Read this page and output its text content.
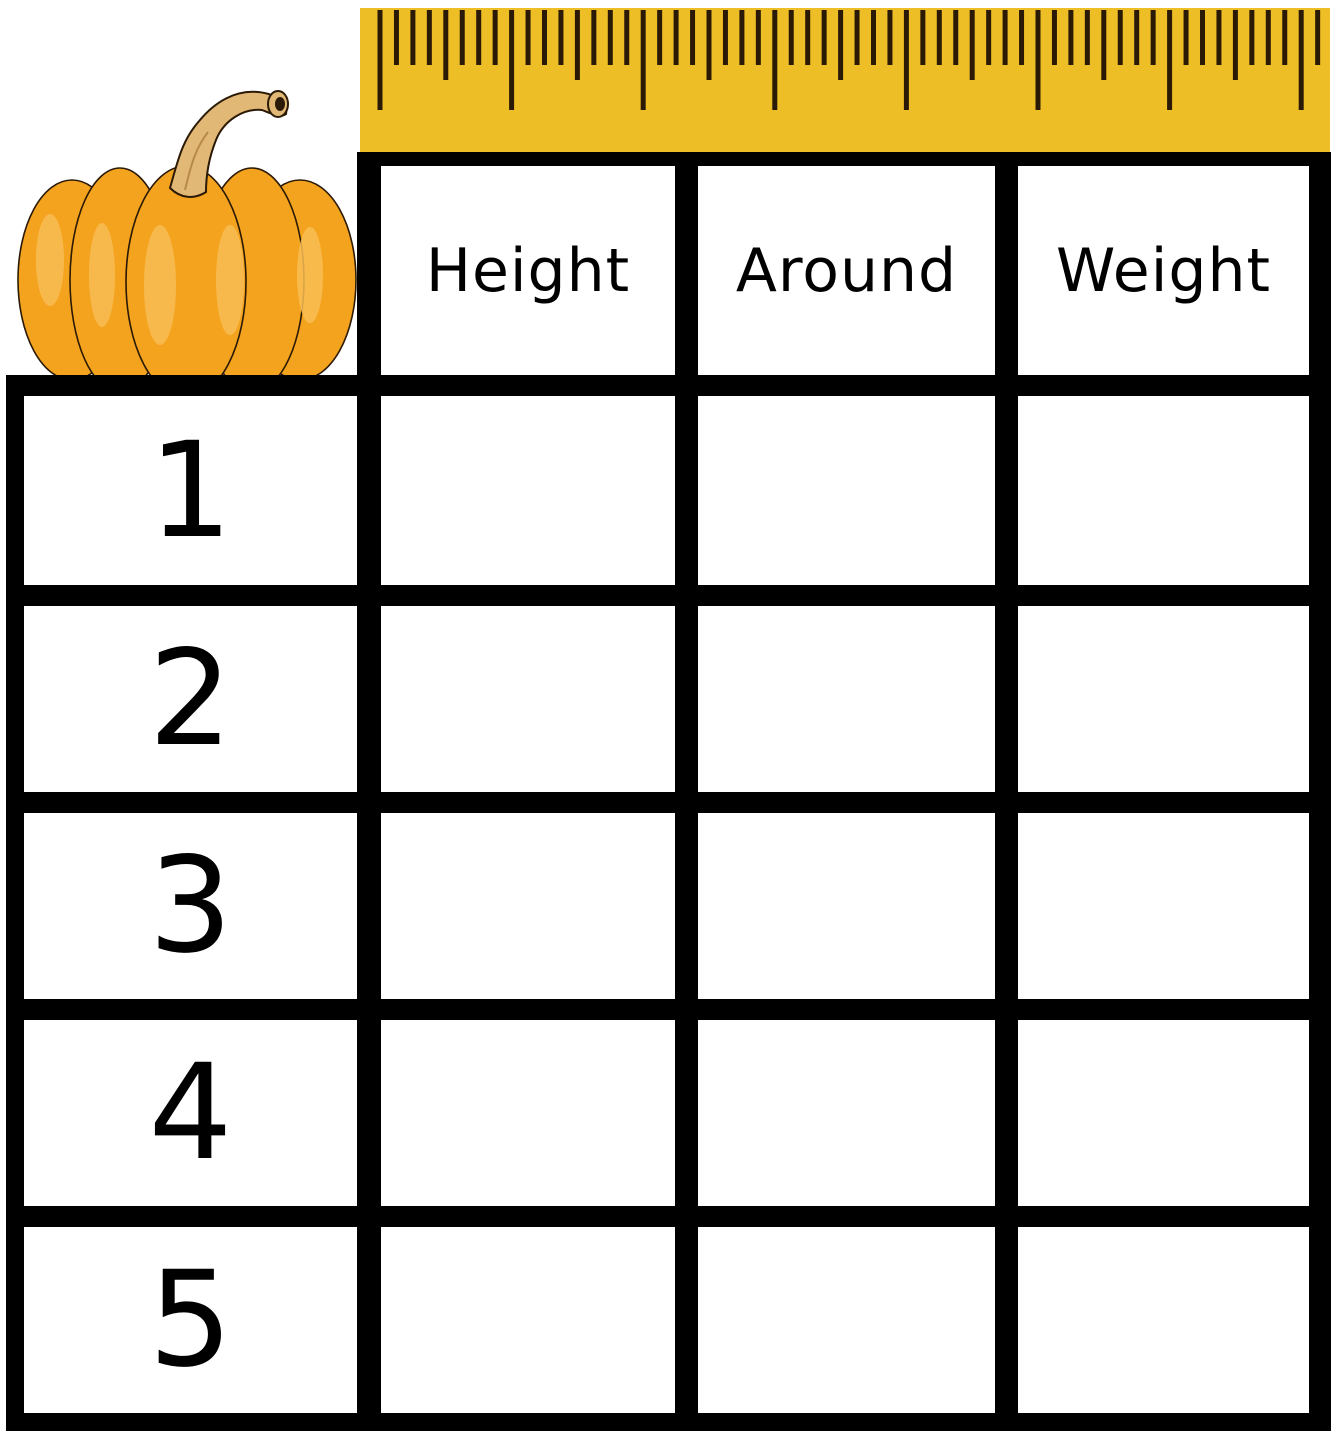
Height	Around	Weight
1
2
3
4
5
